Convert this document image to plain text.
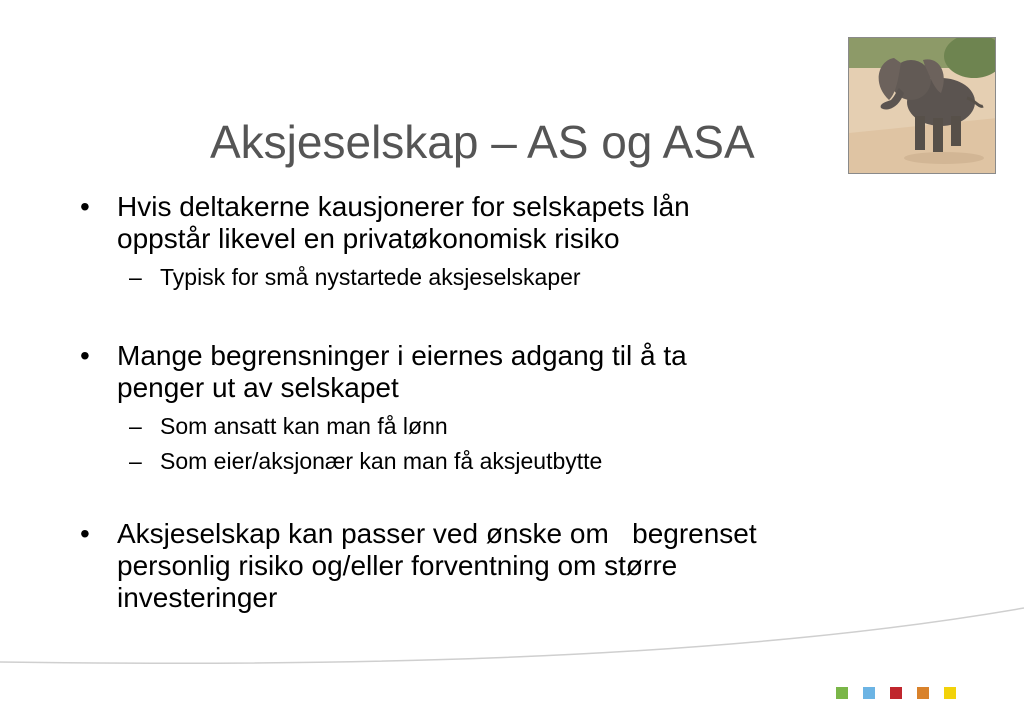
Aksjeselskap – AS og ASA
• Hvis deltakerne kausjonerer for selskapets lån
oppstår likevel en privatøkonomisk risiko
– Typisk for små nystartede aksjeselskaper
• Mange begrensninger i eiernes adgang til å ta
penger ut av selskapet
– Som ansatt kan man få lønn
– Som eier/aksjonær kan man få aksjeutbytte
• Aksjeselskap kan passer ved ønske om   begrenset
personlig risiko og/eller forventning om større
investeringer
